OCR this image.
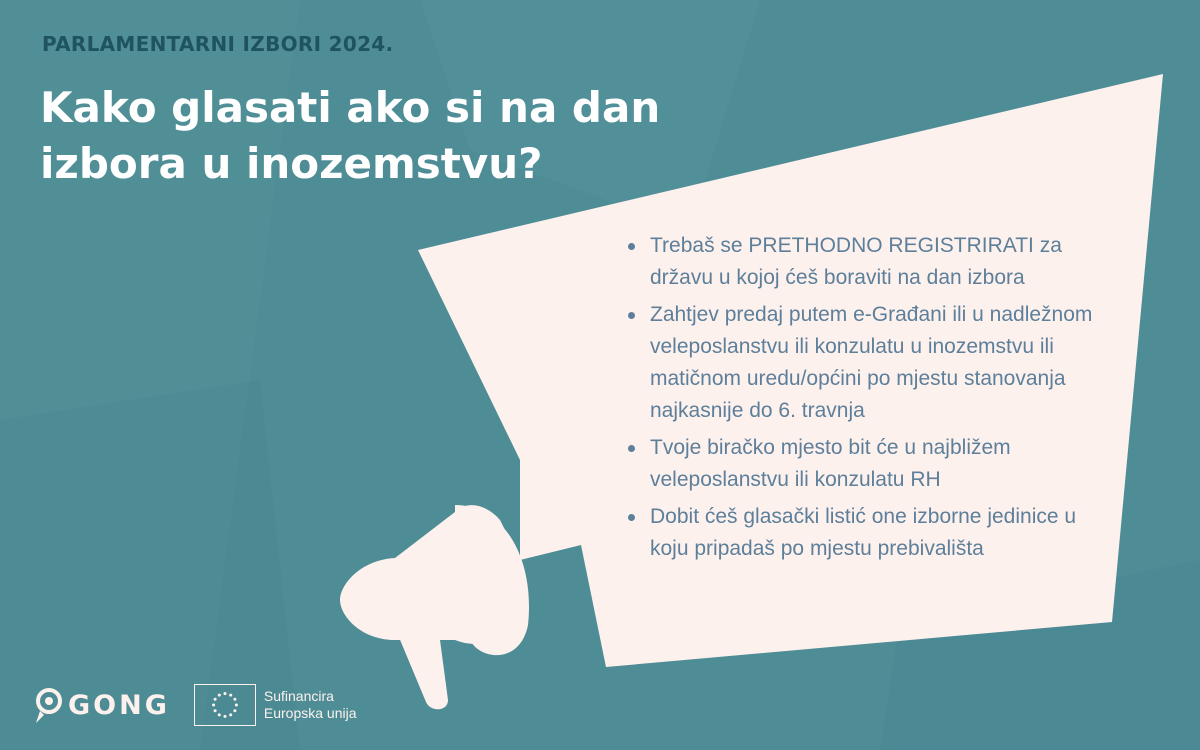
PARLAMENTARNI IZBORI 2024.
Kako glasati ako si na dan izbora u inozemstvu?
Trebaš se PRETHODNO REGISTRIRATI za državu u kojoj ćeš boraviti na dan izbora
Zahtjev predaj putem e-Građani ili u nadležnom veleposlanstvu ili konzulatu u inozemstvu ili matičnom uredu/općini po mjestu stanovanja najkasnije do 6. travnja
Tvoje biračko mjesto bit će u najbližem veleposlanstvu ili konzulatu RH
Dobit ćeš glasački listić one izborne jedinice u koju pripadaš po mjestu prebivališta
GONG	Sufinancira
Europska unija
